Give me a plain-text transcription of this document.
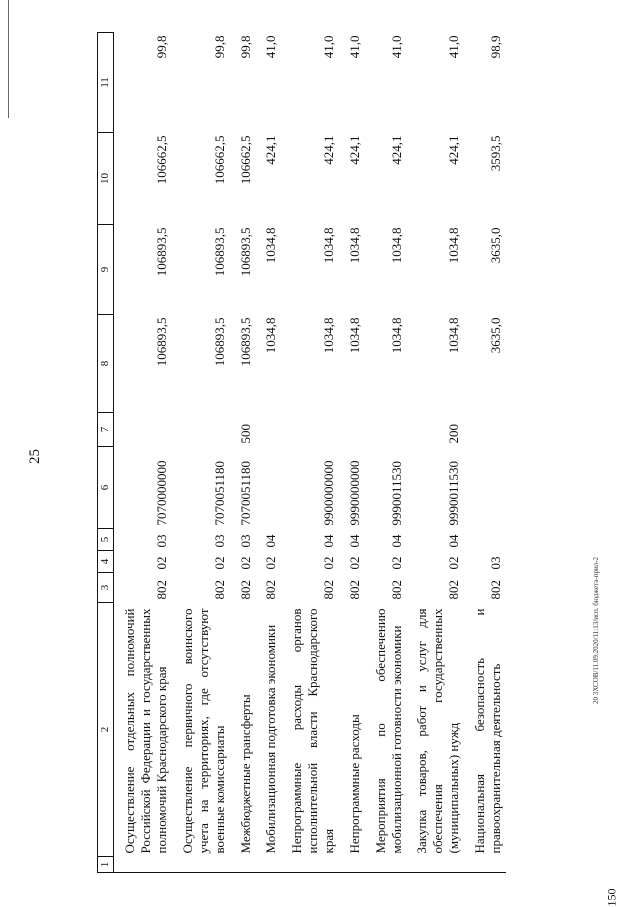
25
20 3ХСОВ/11.09.2020/11:13/исп. бюджета-прил-2
150
1	2	3	4	5	6	7	8	9	10	11
	Осуществление отдельных полномочий Российской Федерации и государственных полномочий Краснодарского края	802	02	03	7070000000		106893,5	106893,5	106662,5	99,8
	Осуществление первичного воинского учета на территориях, где отсутствуют военные комиссариаты	802	02	03	7070051180		106893,5	106893,5	106662,5	99,8
	Межбюджетные трансферты	802	02	03	7070051180	500	106893,5	106893,5	106662,5	99,8
	Мобилизационная подготовка экономики	802	02	04			1034,8	1034,8	424,1	41,0
	Непрограммные расходы органов исполнительной власти Краснодарского края	802	02	04	9900000000		1034,8	1034,8	424,1	41,0
	Непрограммные расходы	802	02	04	9990000000		1034,8	1034,8	424,1	41,0
	Мероприятия по обеспечению мобилизационной готовности экономики	802	02	04	9990011530		1034,8	1034,8	424,1	41,0
	Закупка товаров, работ и услуг для обеспечения государственных (муниципальных) нужд	802	02	04	9990011530	200	1034,8	1034,8	424,1	41,0
	Национальная безопасность и правоохранительная деятельность	802	03				3635,0	3635,0	3593,5	98,9
